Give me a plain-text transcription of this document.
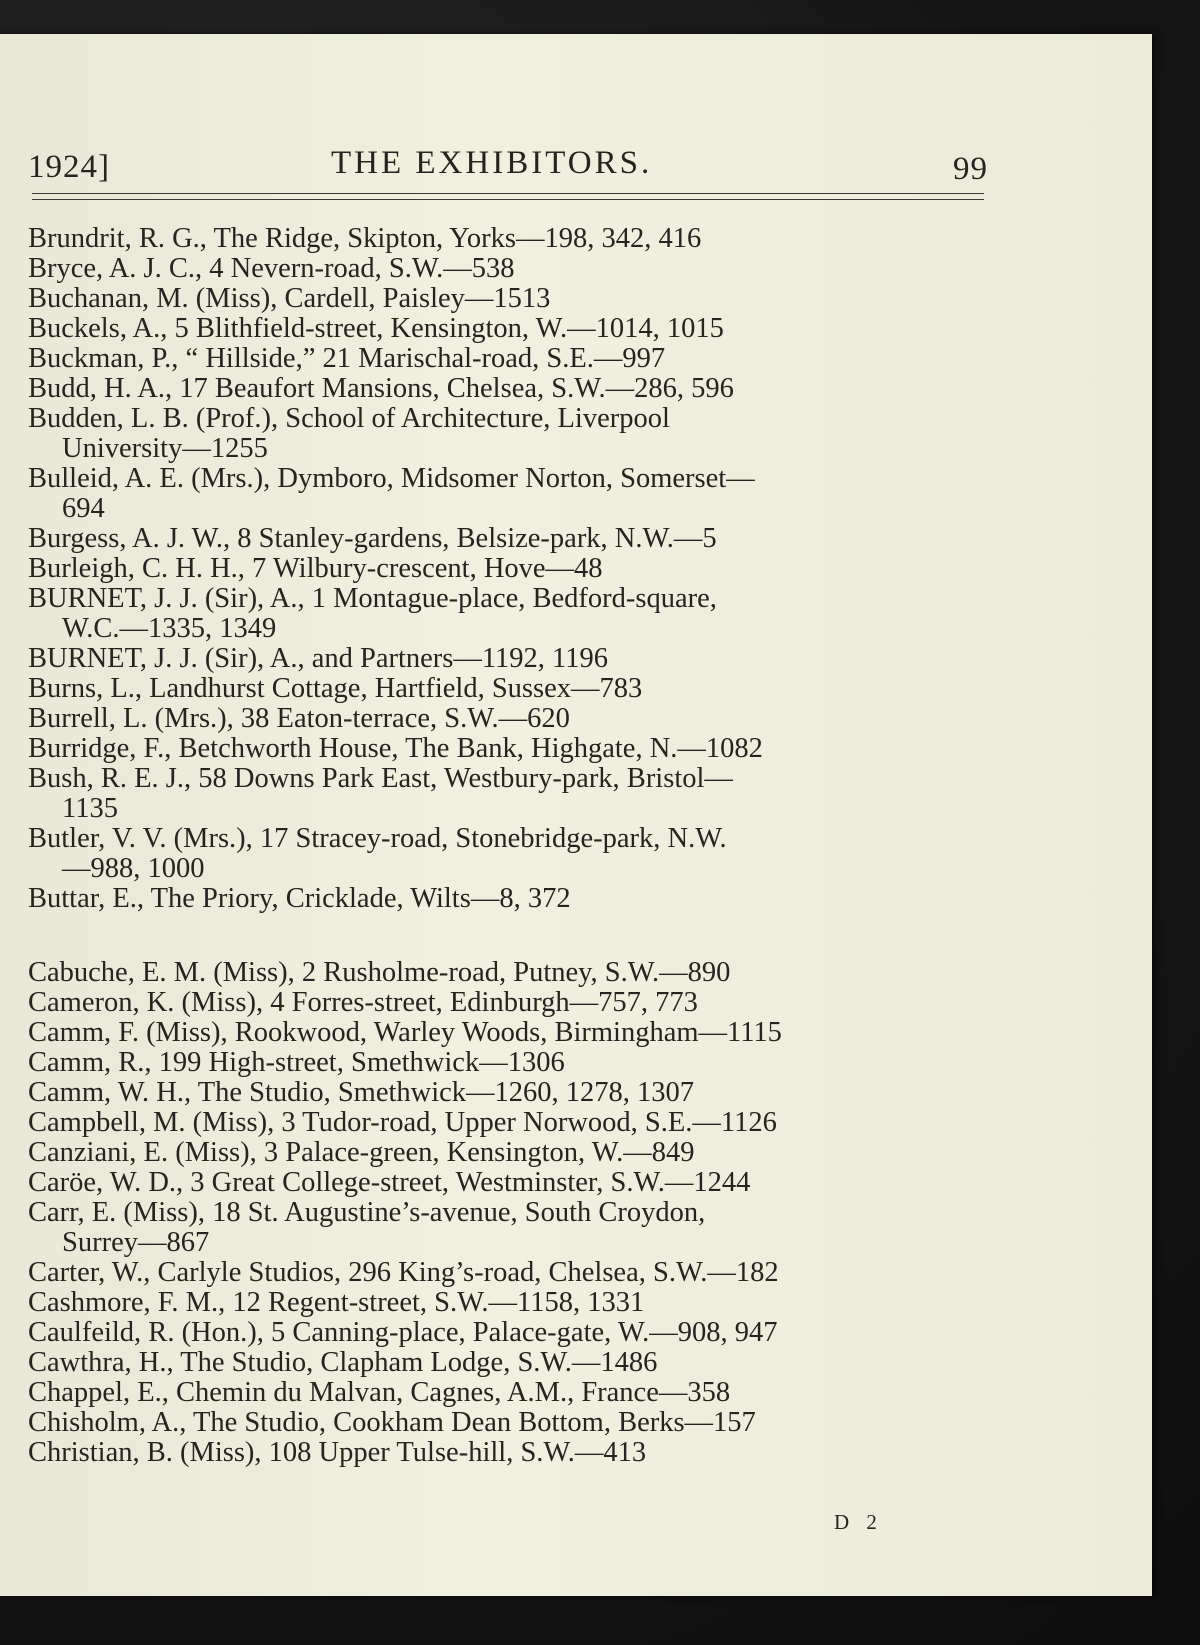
1924]	THE EXHIBITORS.	99
Brundrit, R. G., The Ridge, Skipton, Yorks—198, 342, 416
Bryce, A. J. C., 4 Nevern-road, S.W.—538
Buchanan, M. (Miss), Cardell, Paisley—1513
Buckels, A., 5 Blithfield-street, Kensington, W.—1014, 1015
Buckman, P., “ Hillside,” 21 Marischal-road, S.E.—997
Budd, H. A., 17 Beaufort Mansions, Chelsea, S.W.—286, 596
Budden, L. B. (Prof.), School of Architecture, Liverpool
University—1255
Bulleid, A. E. (Mrs.), Dymboro, Midsomer Norton, Somerset—
694
Burgess, A. J. W., 8 Stanley-gardens, Belsize-park, N.W.—5
Burleigh, C. H. H., 7 Wilbury-crescent, Hove—48
BURNET, J. J. (Sir), A., 1 Montague-place, Bedford-square,
W.C.—1335, 1349
BURNET, J. J. (Sir), A., and Partners—1192, 1196
Burns, L., Landhurst Cottage, Hartfield, Sussex—783
Burrell, L. (Mrs.), 38 Eaton-terrace, S.W.—620
Burridge, F., Betchworth House, The Bank, Highgate, N.—1082
Bush, R. E. J., 58 Downs Park East, Westbury-park, Bristol—
1135
Butler, V. V. (Mrs.), 17 Stracey-road, Stonebridge-park, N.W.
—988, 1000
Buttar, E., The Priory, Cricklade, Wilts—8, 372
Cabuche, E. M. (Miss), 2 Rusholme-road, Putney, S.W.—890
Cameron, K. (Miss), 4 Forres-street, Edinburgh—757, 773
Camm, F. (Miss), Rookwood, Warley Woods, Birmingham—1115
Camm, R., 199 High-street, Smethwick—1306
Camm, W. H., The Studio, Smethwick—1260, 1278, 1307
Campbell, M. (Miss), 3 Tudor-road, Upper Norwood, S.E.—1126
Canziani, E. (Miss), 3 Palace-green, Kensington, W.—849
Caröe, W. D., 3 Great College-street, Westminster, S.W.—1244
Carr, E. (Miss), 18 St. Augustine’s-avenue, South Croydon,
Surrey—867
Carter, W., Carlyle Studios, 296 King’s-road, Chelsea, S.W.—182
Cashmore, F. M., 12 Regent-street, S.W.—1158, 1331
Caulfeild, R. (Hon.), 5 Canning-place, Palace-gate, W.—908, 947
Cawthra, H., The Studio, Clapham Lodge, S.W.—1486
Chappel, E., Chemin du Malvan, Cagnes, A.M., France—358
Chisholm, A., The Studio, Cookham Dean Bottom, Berks—157
Christian, B. (Miss), 108 Upper Tulse-hill, S.W.—413
D 2
